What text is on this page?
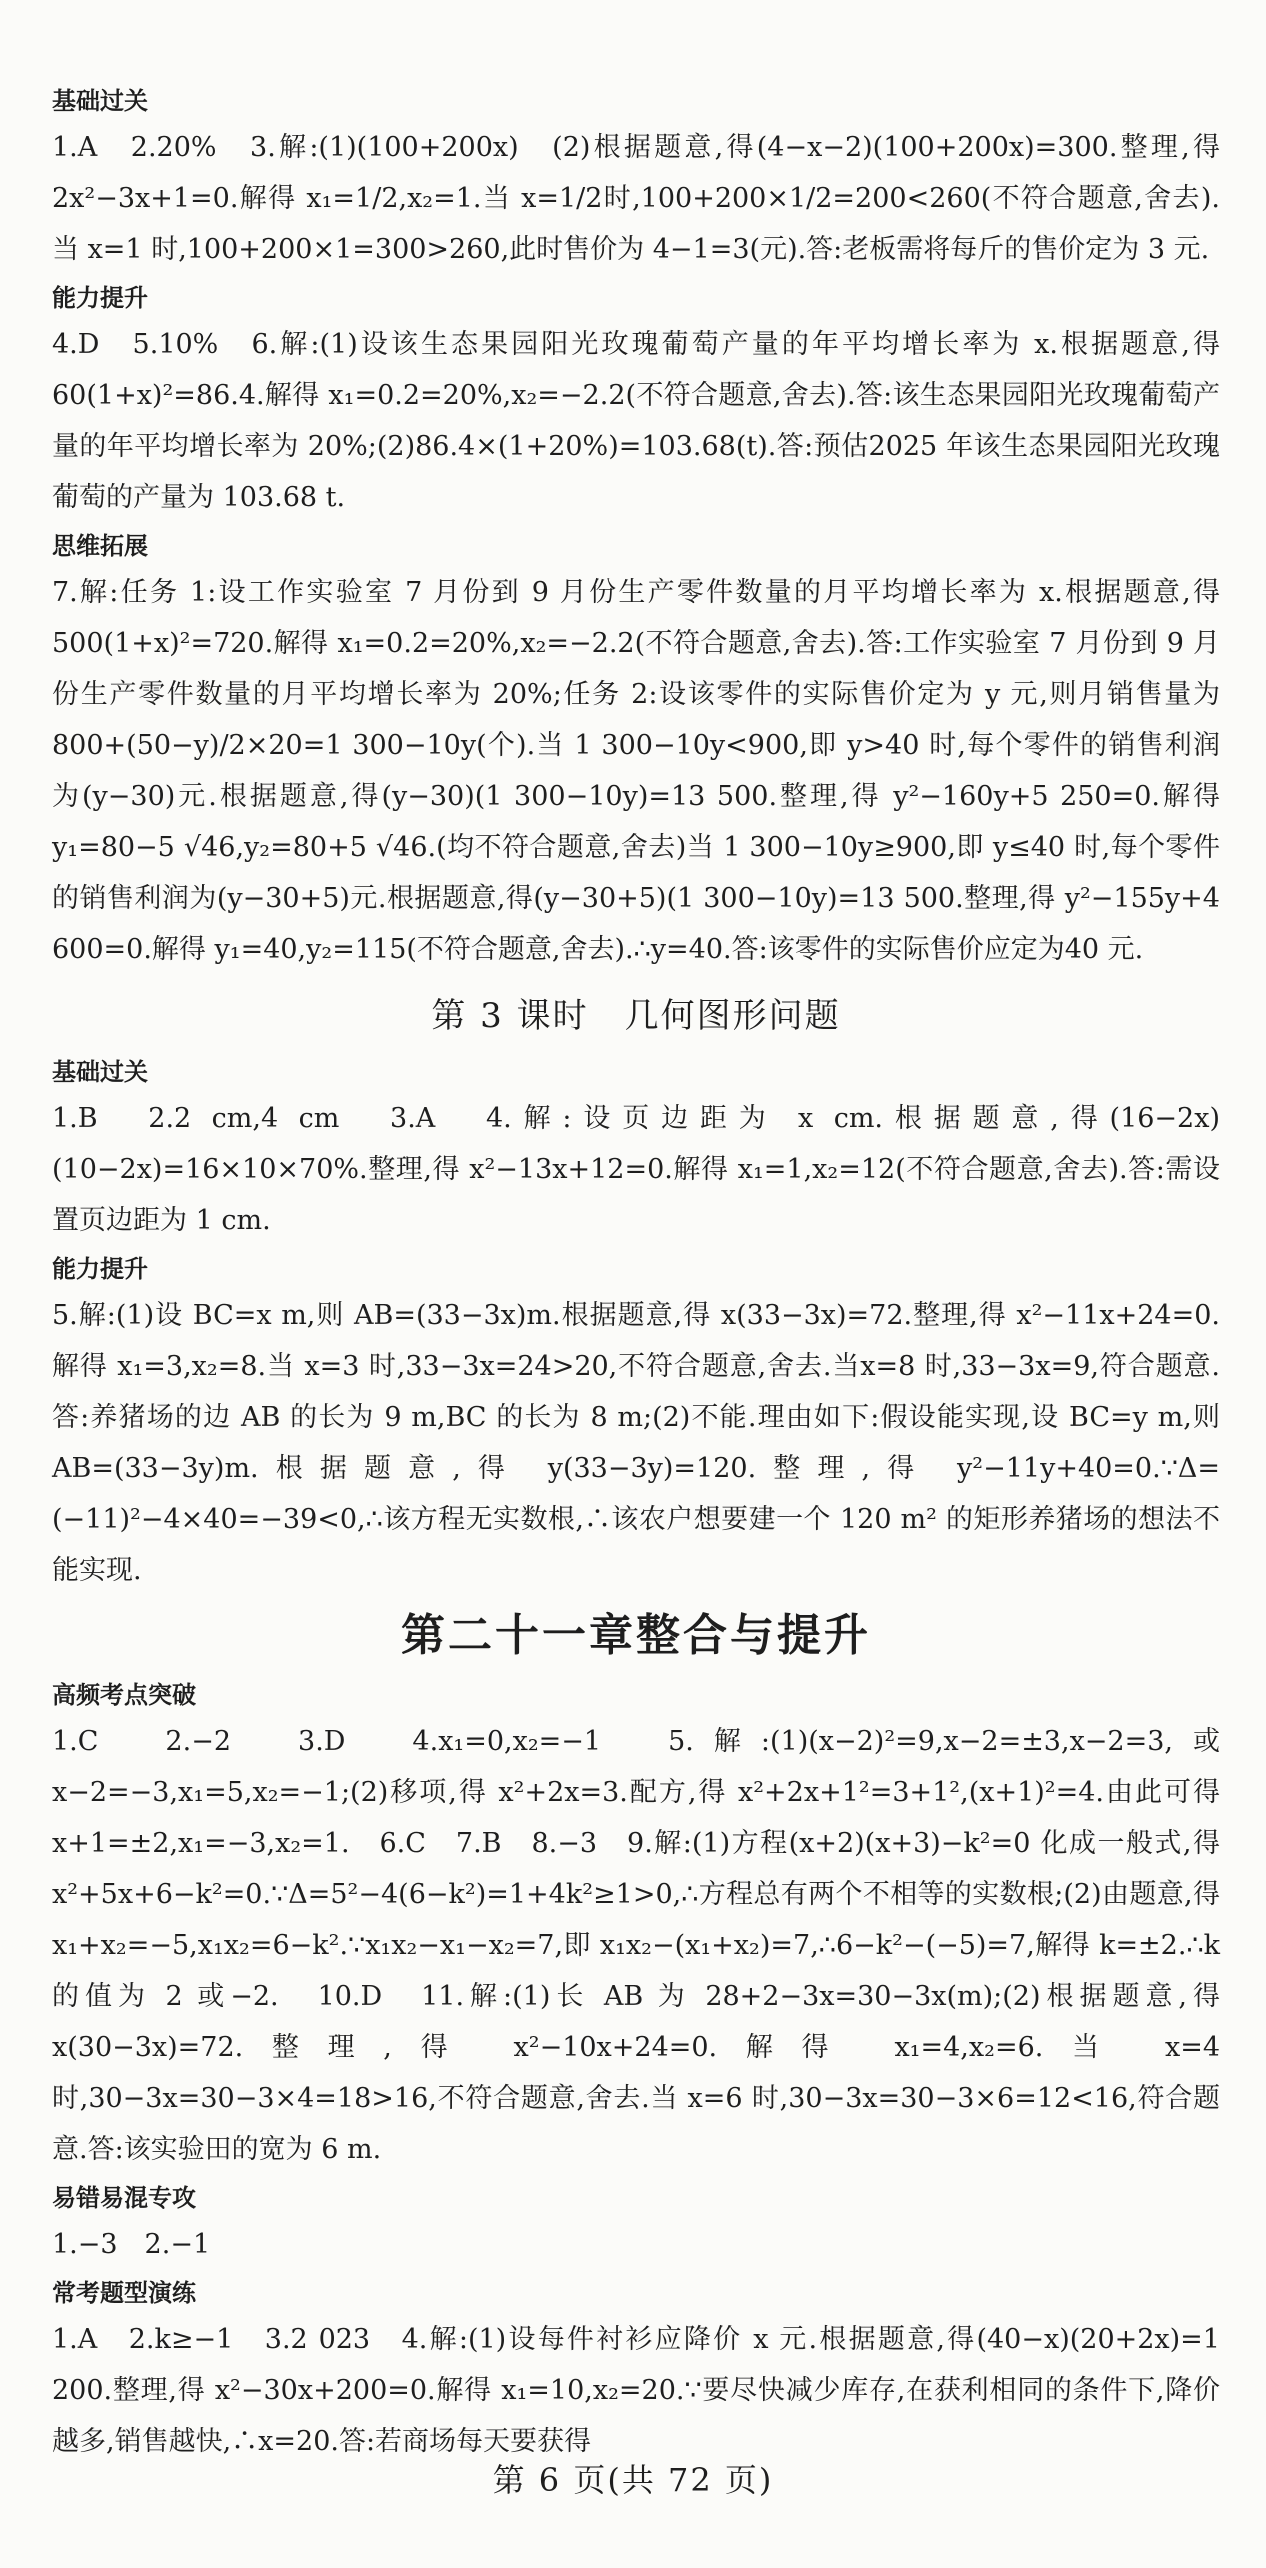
基础过关

1.A　2.20%　3.解:(1)(100+200x)　(2)根据题意,得(4−x−2)(100+200x)=300.整理,得 2x²−3x+1=0.解得 x₁=1/2,x₂=1.当 x=1/2时,100+200×1/2=200<260(不符合题意,舍去).当 x=1 时,100+200×1=300>260,此时售价为 4−1=3(元).答:老板需将每斤的售价定为 3 元.

能力提升

4.D　5.10%　6.解:(1)设该生态果园阳光玫瑰葡萄产量的年平均增长率为 x.根据题意,得 60(1+x)²=86.4.解得 x₁=0.2=20%,x₂=−2.2(不符合题意,舍去).答:该生态果园阳光玫瑰葡萄产量的年平均增长率为 20%;(2)86.4×(1+20%)=103.68(t).答:预估2025 年该生态果园阳光玫瑰葡萄的产量为 103.68 t.

思维拓展

7.解:任务 1:设工作实验室 7 月份到 9 月份生产零件数量的月平均增长率为 x.根据题意,得 500(1+x)²=720.解得 x₁=0.2=20%,x₂=−2.2(不符合题意,舍去).答:工作实验室 7 月份到 9 月份生产零件数量的月平均增长率为 20%;任务 2:设该零件的实际售价定为 y 元,则月销售量为 800+(50−y)/2×20=1 300−10y(个).当 1 300−10y<900,即 y>40 时,每个零件的销售利润为(y−30)元.根据题意,得(y−30)(1 300−10y)=13 500.整理,得 y²−160y+5 250=0.解得 y₁=80−5 √46,y₂=80+5 √46.(均不符合题意,舍去)当 1 300−10y≥900,即 y≤40 时,每个零件的销售利润为(y−30+5)元.根据题意,得(y−30+5)(1 300−10y)=13 500.整理,得 y²−155y+4 600=0.解得 y₁=40,y₂=115(不符合题意,舍去).∴y=40.答:该零件的实际售价应定为40 元.

第 3 课时　几何图形问题
基础过关

1.B　2.2 cm,4 cm　3.A　4.解:设页边距为 x cm.根据题意,得(16−2x)(10−2x)=16×10×70%.整理,得 x²−13x+12=0.解得 x₁=1,x₂=12(不符合题意,舍去).答:需设置页边距为 1 cm.

能力提升

5.解:(1)设 BC=x m,则 AB=(33−3x)m.根据题意,得 x(33−3x)=72.整理,得 x²−11x+24=0.解得 x₁=3,x₂=8.当 x=3 时,33−3x=24>20,不符合题意,舍去.当x=8 时,33−3x=9,符合题意.答:养猪场的边 AB 的长为 9 m,BC 的长为 8 m;(2)不能.理由如下:假设能实现,设 BC=y m,则 AB=(33−3y)m.根据题意,得 y(33−3y)=120.整理,得 y²−11y+40=0.∵Δ=(−11)²−4×40=−39<0,∴该方程无实数根,∴该农户想要建一个 120 m² 的矩形养猪场的想法不能实现.

第二十一章整合与提升
高频考点突破

1.C　2.−2　3.D　4.x₁=0,x₂=−1　5.解:(1)(x−2)²=9,x−2=±3,x−2=3,或x−2=−3,x₁=5,x₂=−1;(2)移项,得 x²+2x=3.配方,得 x²+2x+1²=3+1²,(x+1)²=4.由此可得 x+1=±2,x₁=−3,x₂=1.　6.C　7.B　8.−3　9.解:(1)方程(x+2)(x+3)−k²=0 化成一般式,得 x²+5x+6−k²=0.∵Δ=5²−4(6−k²)=1+4k²≥1>0,∴方程总有两个不相等的实数根;(2)由题意,得 x₁+x₂=−5,x₁x₂=6−k².∵x₁x₂−x₁−x₂=7,即 x₁x₂−(x₁+x₂)=7,∴6−k²−(−5)=7,解得 k=±2.∴k的值为 2 或−2.　10.D　11.解:(1)长 AB 为 28+2−3x=30−3x(m);(2)根据题意,得 x(30−3x)=72.整理,得 x²−10x+24=0.解得 x₁=4,x₂=6.当 x=4 时,30−3x=30−3×4=18>16,不符合题意,舍去.当 x=6 时,30−3x=30−3×6=12<16,符合题意.答:该实验田的宽为 6 m.

易错易混专攻

1.−3　2.−1

常考题型演练

1.A　2.k≥−1　3.2 023　4.解:(1)设每件衬衫应降价 x 元.根据题意,得(40−x)(20+2x)=1 200.整理,得 x²−30x+200=0.解得 x₁=10,x₂=20.∵要尽快减少库存,在获利相同的条件下,降价越多,销售越快,∴x=20.答:若商场每天要获得

第 6 页(共 72 页)
